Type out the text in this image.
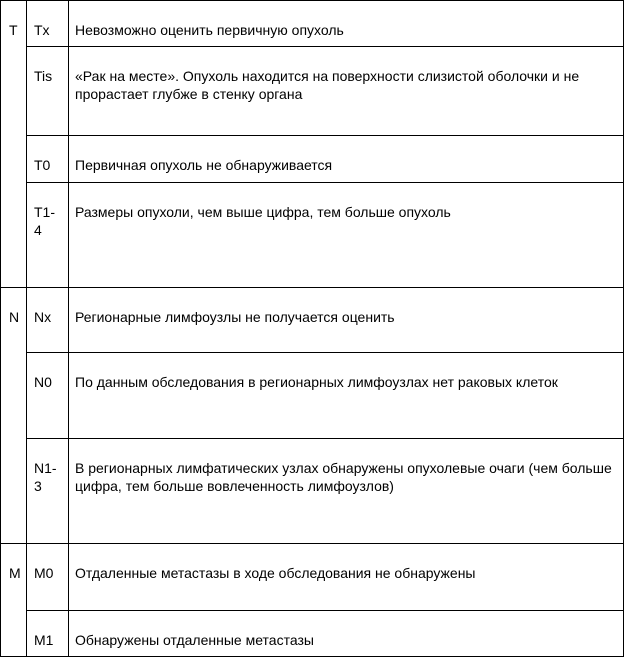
T	Tx	Невозможно оценить первичную опухоль

	Tis	«Рак на месте». Опухоль находится на поверхности слизистой оболочки и не прорастает глубже в стенку органа

	T0	Первичная опухоль не обнаруживается

	T1-4	Размеры опухоли, чем выше цифра, тем больше опухоль

N	Nx	Регионарные лимфоузлы не получается оценить

	N0	По данным обследования в регионарных лимфоузлах нет раковых клеток

	N1-3	В регионарных лимфатических узлах обнаружены опухолевые очаги (чем больше цифра, тем больше вовлеченность лимфоузлов)

M	M0	Отдаленные метастазы в ходе обследования не обнаружены

	M1	Обнаружены отдаленные метастазы
